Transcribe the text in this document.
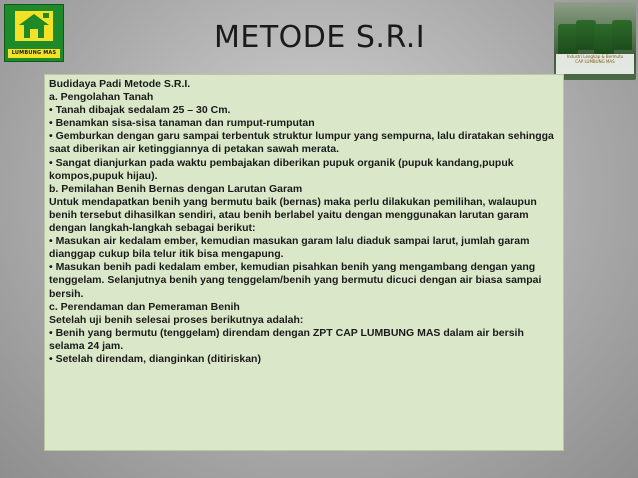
LUMBUNG MAS	METODE S.R.I
Industri Lengkap & Bermutu
CAP LUMBUNG MAS

Budidaya Padi Metode S.R.I.

a. Pengolahan Tanah

• Tanah dibajak sedalam 25 – 30 Cm.

• Benamkan sisa-sisa tanaman dan rumput-rumputan

• Gemburkan dengan garu sampai terbentuk struktur lumpur yang sempurna, lalu diratakan sehingga saat diberikan air ketinggiannya di petakan sawah merata.

• Sangat dianjurkan pada waktu pembajakan diberikan pupuk organik (pupuk kandang,pupuk kompos,pupuk hijau).

b. Pemilahan Benih Bernas dengan Larutan Garam

Untuk mendapatkan benih yang bermutu baik (bernas) maka perlu dilakukan pemilihan, walaupun benih tersebut dihasilkan sendiri, atau benih berlabel yaitu dengan menggunakan larutan garam dengan langkah-langkah sebagai berikut:

• Masukan air kedalam ember, kemudian masukan garam lalu diaduk sampai larut, jumlah garam dianggap cukup bila telur itik bisa mengapung.

• Masukan benih padi kedalam ember, kemudian pisahkan benih yang mengambang dengan yang tenggelam. Selanjutnya benih yang tenggelam/benih yang bermutu dicuci dengan air biasa sampai bersih.

c. Perendaman dan Pemeraman Benih

Setelah uji benih selesai proses berikutnya adalah:

• Benih yang bermutu (tenggelam) direndam dengan ZPT CAP LUMBUNG MAS dalam air bersih selama 24 jam.

• Setelah direndam, dianginkan (ditiriskan)
